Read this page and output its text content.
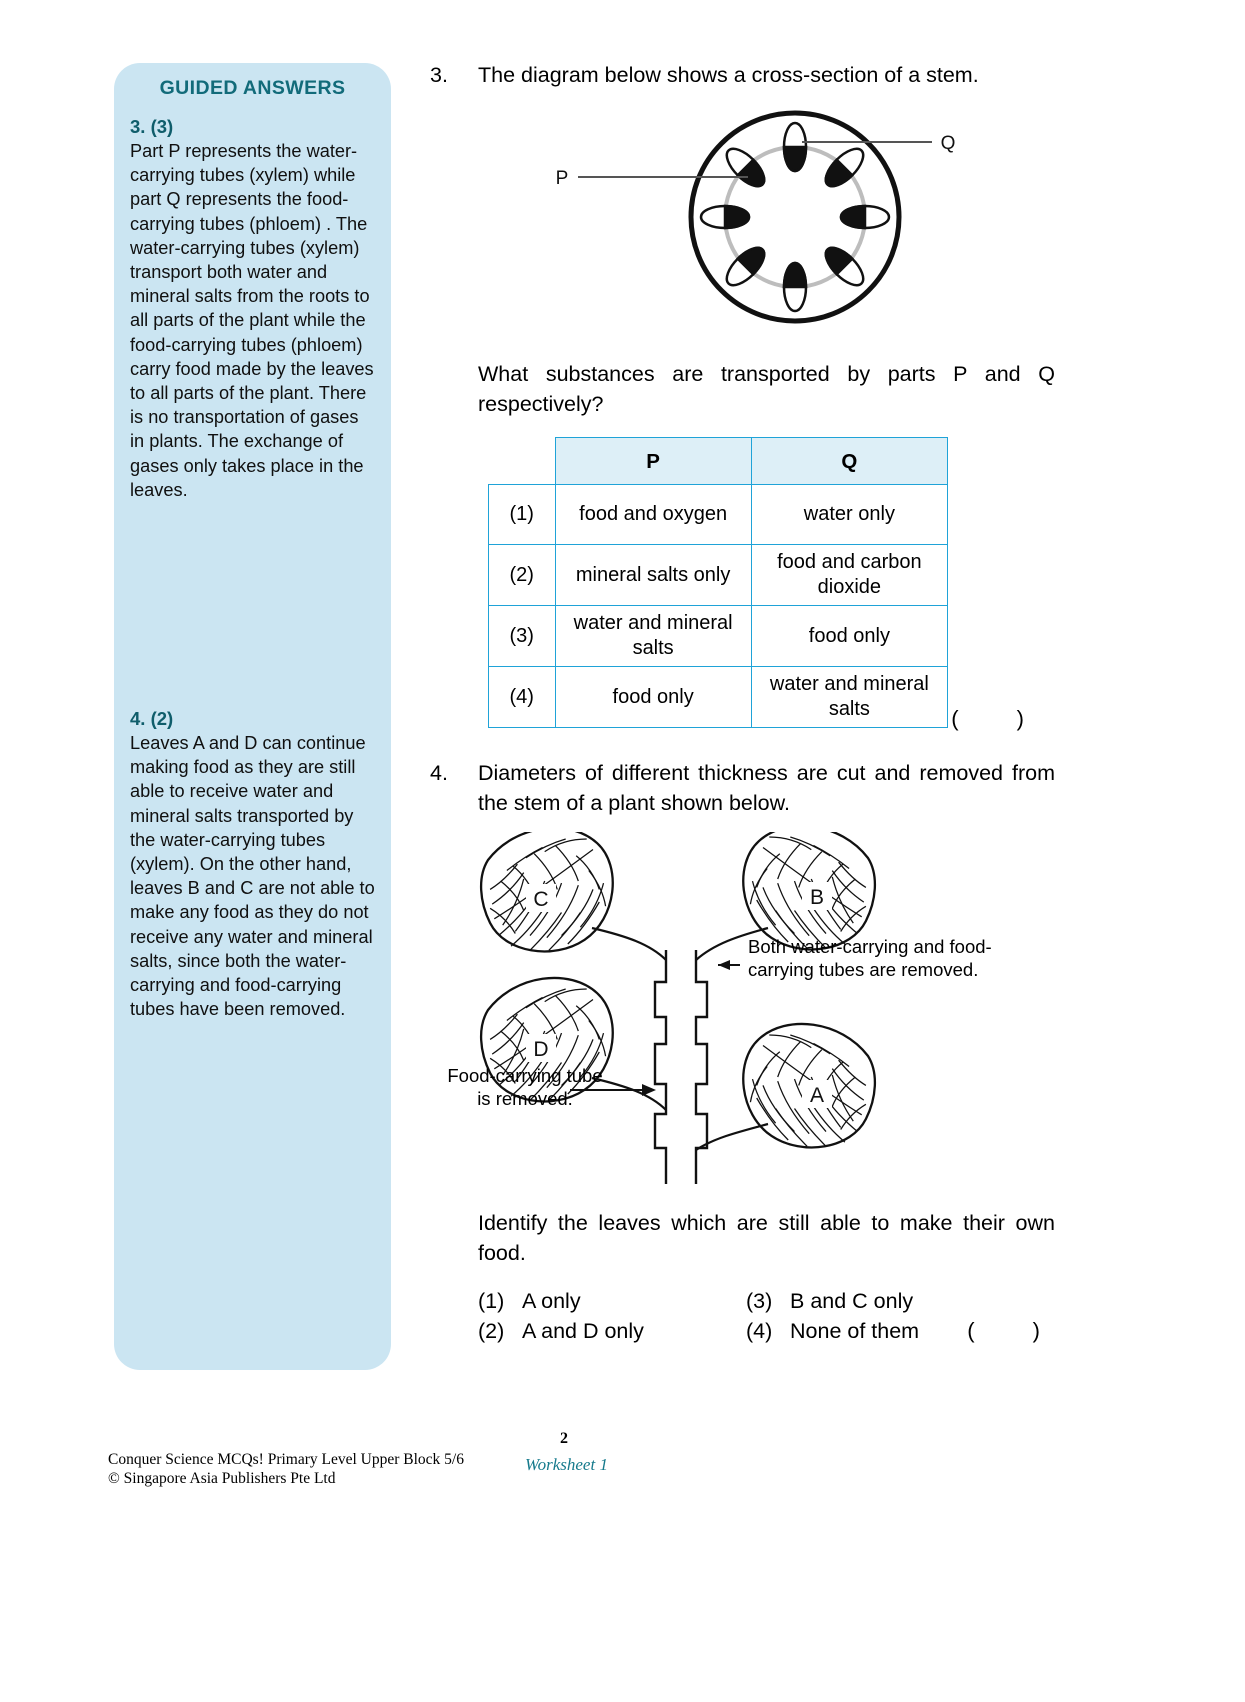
GUIDED ANSWERS
3. (3)

Part P represents the water-carrying tubes (xylem) while part Q represents the food-carrying tubes (phloem) . The water-carrying tubes (xylem) transport both water and mineral salts from the roots to all parts of the plant while the food-carrying tubes (phloem) carry food made by the leaves to all parts of the plant. There is no transportation of gases in plants. The exchange of gases only takes place in the leaves.

4. (2)

Leaves A and D can continue making food as they are still able to receive water and mineral salts transported by the water-carrying tubes (xylem). On the other hand, leaves B and C are not able to make any food as they do not receive any water and mineral salts, since both the water-carrying and food-carrying tubes have been removed.

3.	The diagram below shows a cross-section of a stem.
P
Q
What substances are transported by parts P and Q respectively?
	P	Q
(1)	food and oxygen	water only
(2)	mineral salts only	food and carbon dioxide
(3)	water and mineral salts	food only
(4)	food only	water and mineral salts	( )
4.	Diameters of different thickness are cut and removed from the stem of a plant shown below.
C	B
D
A
Both water-carrying and food-carrying tubes are removed.
Food-carrying tube is removed.
Identify the leaves which are still able to make their own food.
(1) A only	(3) B and C only
(2) A and D only	(4) None of them ( )
Conquer Science MCQs! Primary Level Upper Block 5/6
© Singapore Asia Publishers Pte Ltd
2
Worksheet 1
